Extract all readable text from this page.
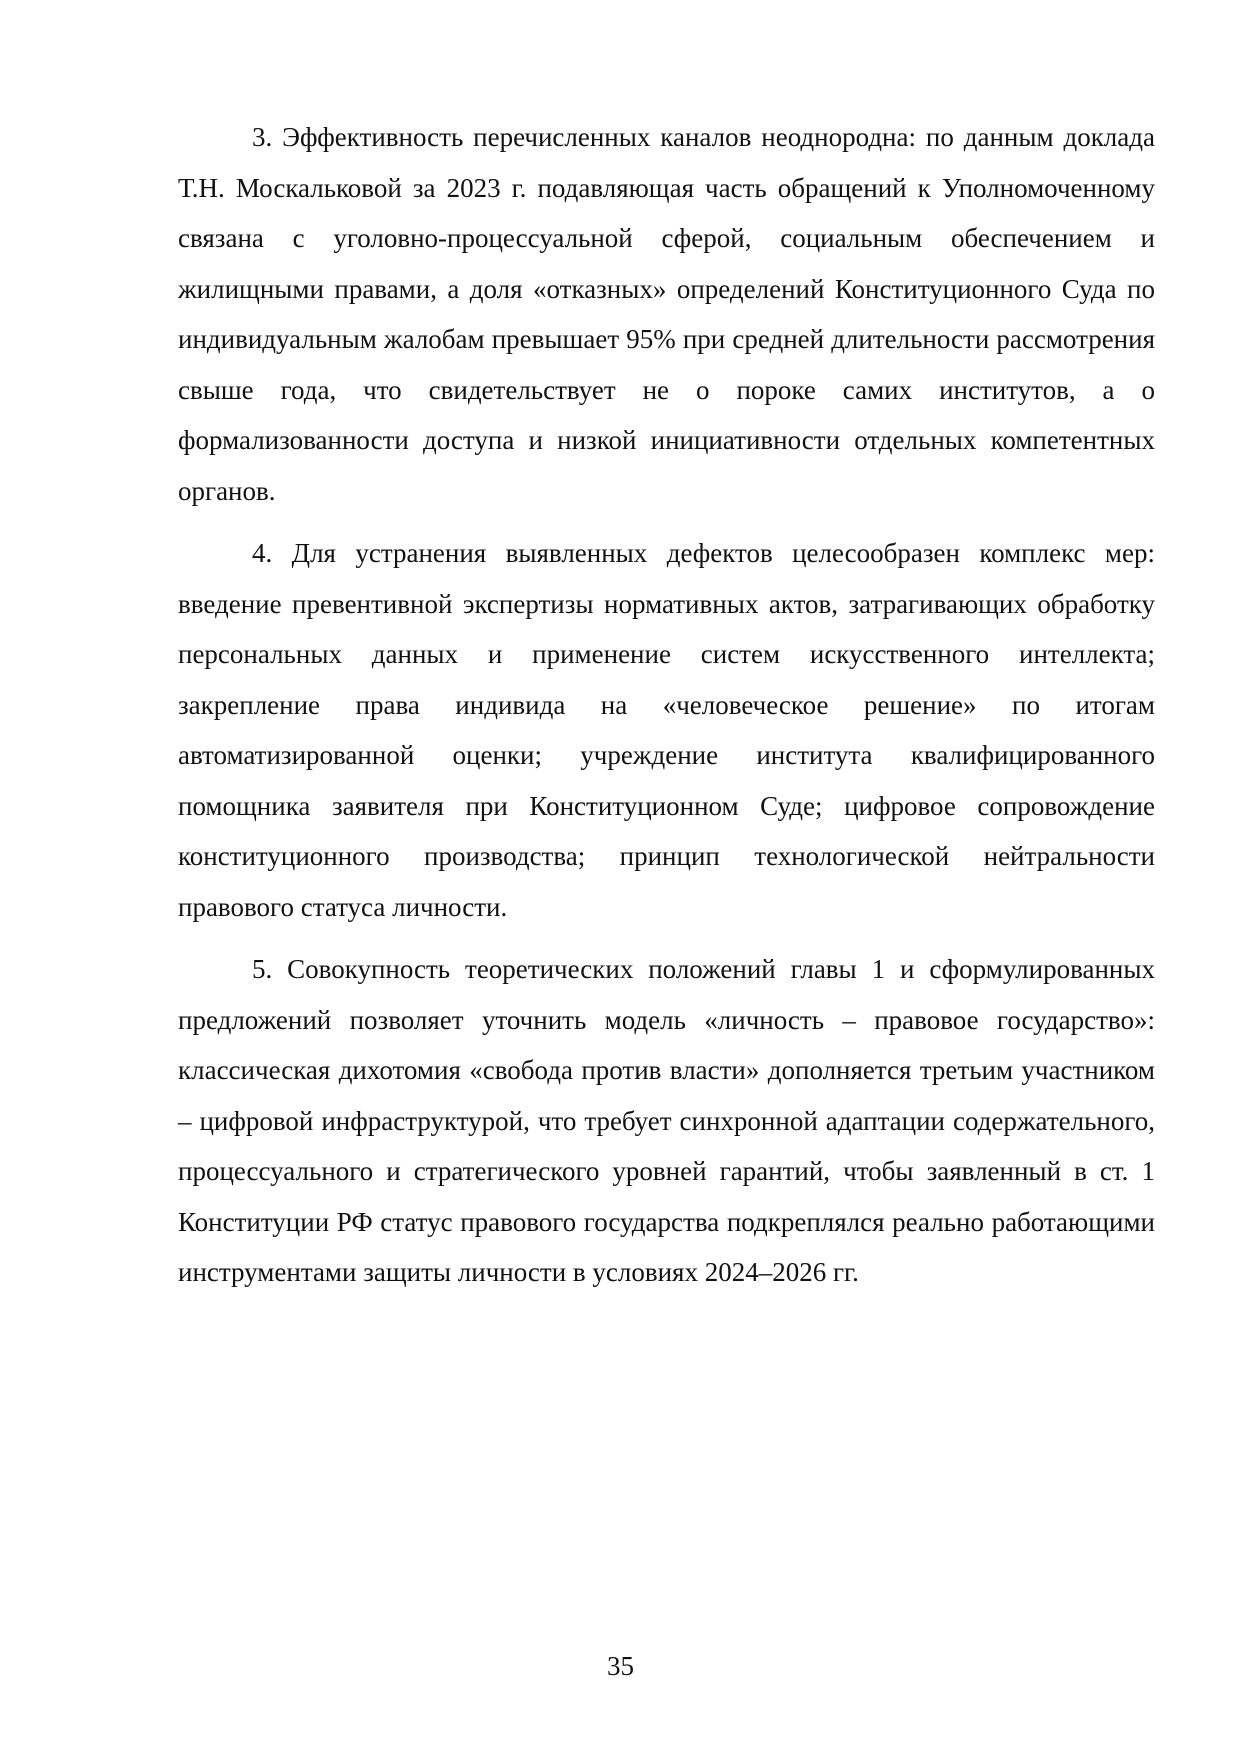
3. Эффективность перечисленных каналов неоднородна: по данным доклада Т.Н. Москальковой за 2023 г. подавляющая часть обращений к Уполномоченному связана с уголовно-процессуальной сферой, социальным обеспечением и жилищными правами, а доля «отказных» определений Конституционного Суда по индивидуальным жалобам превышает 95% при средней длительности рассмотрения свыше года, что свидетельствует не о пороке самих институтов, а о формализованности доступа и низкой инициативности отдельных компетентных органов.

4. Для устранения выявленных дефектов целесообразен комплекс мер: введение превентивной экспертизы нормативных актов, затрагивающих обработку персональных данных и применение систем искусственного интеллекта; закрепление права индивида на «человеческое решение» по итогам автоматизированной оценки; учреждение института квалифицированного помощника заявителя при Конституционном Суде; цифровое сопровождение конституционного производства; принцип технологической нейтральности правового статуса личности.

5. Совокупность теоретических положений главы 1 и сформулированных предложений позволяет уточнить модель «личность – правовое государство»: классическая дихотомия «свобода против власти» дополняется третьим участником – цифровой инфраструктурой, что требует синхронной адаптации содержательного, процессуального и стратегического уровней гарантий, чтобы заявленный в ст. 1 Конституции РФ статус правового государства подкреплялся реально работающими инструментами защиты личности в условиях 2024–2026 гг.

35
